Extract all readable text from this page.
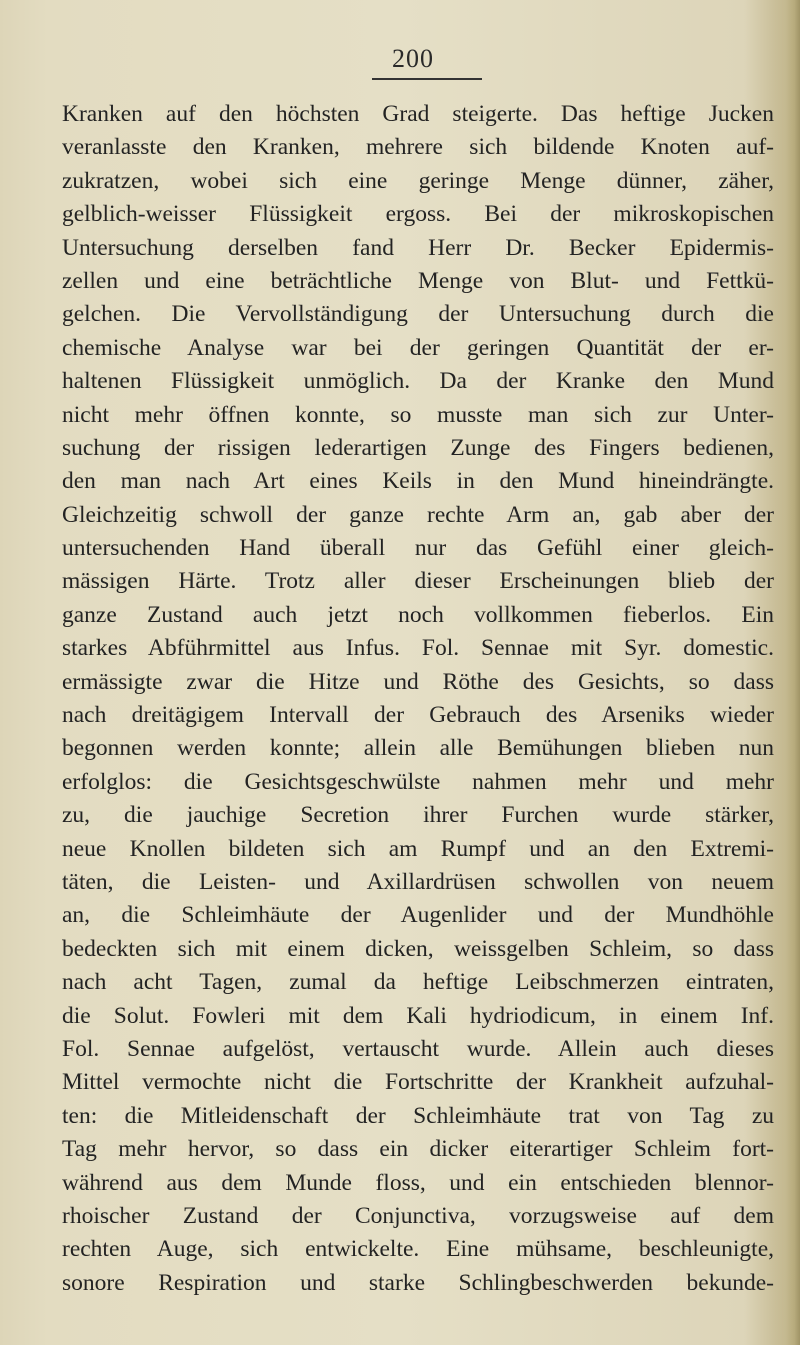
200
Kranken auf den höchsten Grad steigerte. Das heftige Jucken
veranlasste den Kranken, mehrere sich bildende Knoten auf-
zukratzen, wobei sich eine geringe Menge dünner, zäher,
gelblich-weisser Flüssigkeit ergoss. Bei der mikroskopischen
Untersuchung derselben fand Herr Dr. Becker Epidermis-
zellen und eine beträchtliche Menge von Blut- und Fettkü-
gelchen. Die Vervollständigung der Untersuchung durch die
chemische Analyse war bei der geringen Quantität der er-
haltenen Flüssigkeit unmöglich. Da der Kranke den Mund
nicht mehr öffnen konnte, so musste man sich zur Unter-
suchung der rissigen lederartigen Zunge des Fingers bedienen,
den man nach Art eines Keils in den Mund hineindrängte.
Gleichzeitig schwoll der ganze rechte Arm an, gab aber der
untersuchenden Hand überall nur das Gefühl einer gleich-
mässigen Härte. Trotz aller dieser Erscheinungen blieb der
ganze Zustand auch jetzt noch vollkommen fieberlos. Ein
starkes Abführmittel aus Infus. Fol. Sennae mit Syr. domestic.
ermässigte zwar die Hitze und Röthe des Gesichts, so dass
nach dreitägigem Intervall der Gebrauch des Arseniks wieder
begonnen werden konnte; allein alle Bemühungen blieben nun
erfolglos: die Gesichtsgeschwülste nahmen mehr und mehr
zu, die jauchige Secretion ihrer Furchen wurde stärker,
neue Knollen bildeten sich am Rumpf und an den Extremi-
täten, die Leisten- und Axillardrüsen schwollen von neuem
an, die Schleimhäute der Augenlider und der Mundhöhle
bedeckten sich mit einem dicken, weissgelben Schleim, so dass
nach acht Tagen, zumal da heftige Leibschmerzen eintraten,
die Solut. Fowleri mit dem Kali hydriodicum, in einem Inf.
Fol. Sennae aufgelöst, vertauscht wurde. Allein auch dieses
Mittel vermochte nicht die Fortschritte der Krankheit aufzuhal-
ten: die Mitleidenschaft der Schleimhäute trat von Tag zu
Tag mehr hervor, so dass ein dicker eiterartiger Schleim fort-
während aus dem Munde floss, und ein entschieden blennor-
rhoischer Zustand der Conjunctiva, vorzugsweise auf dem
rechten Auge, sich entwickelte. Eine mühsame, beschleunigte,
sonore Respiration und starke Schlingbeschwerden bekunde-
